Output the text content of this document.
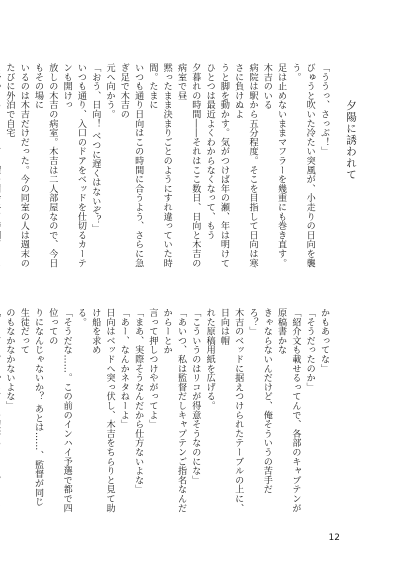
夕陽に誘われて
「ううっ、さっぶ！」
びゅうと吹いた冷たい突風が、小走りの日向を襲う。
足は止めないままマフラーを幾重にも巻き直す。木吉のいる
病院は駅から五分程度。そこを目指して日向は寒さに負けぬよ
うと脚を動かす。気がつけば年の瀬、年は明けて
ひとつは最近よくわからなくなって、もう
夕暮れの時間――それはここ数日、日向と木吉の病室で昼
黙ったまま決まりごとのようにすれ違っていた時間。たまに
いつも通り日向はこの時間に合うよう、さらに急ぎ足で木吉の
元へ向かう。
「おう、日向！ べつに遅くはないぞ？」
いつも通り、入口のドアをベッドを仕切るカーテンも開けっ
放しの木吉の病室。木吉は二人部屋なので、今日もその場に
いるのは木吉だけだった。今の同室の人は週末のたびに外泊で自宅

かもあってな」
「そうだったのか」
「紹介文も載せるってんで、各部のキャプテンが原稿書かな
きゃならないんだけど、俺そういうの苦手だろ？」
木吉のベッドに据えつけられたテーブルの上に、日向は帽
れた原稿用紙を広げる。
「こういうのはリコが得意そうなのにな」
「あいつ、私は監督だしキャプテンご指名なんだからーとか
言って押しつけやがってよ」
「まあ、実際そうなんだから仕方ないよな」
「あー、なんかネタねーよ」
日向はベッドへ突っ伏し、木吉をちらりと見て助け船を求め
る。
「そうだな……。この前のインハイ予選で都で四位っての
りになんじゃないか？ あとは……、監督が同じ生徒だって
のもなかなかないよな」

12
